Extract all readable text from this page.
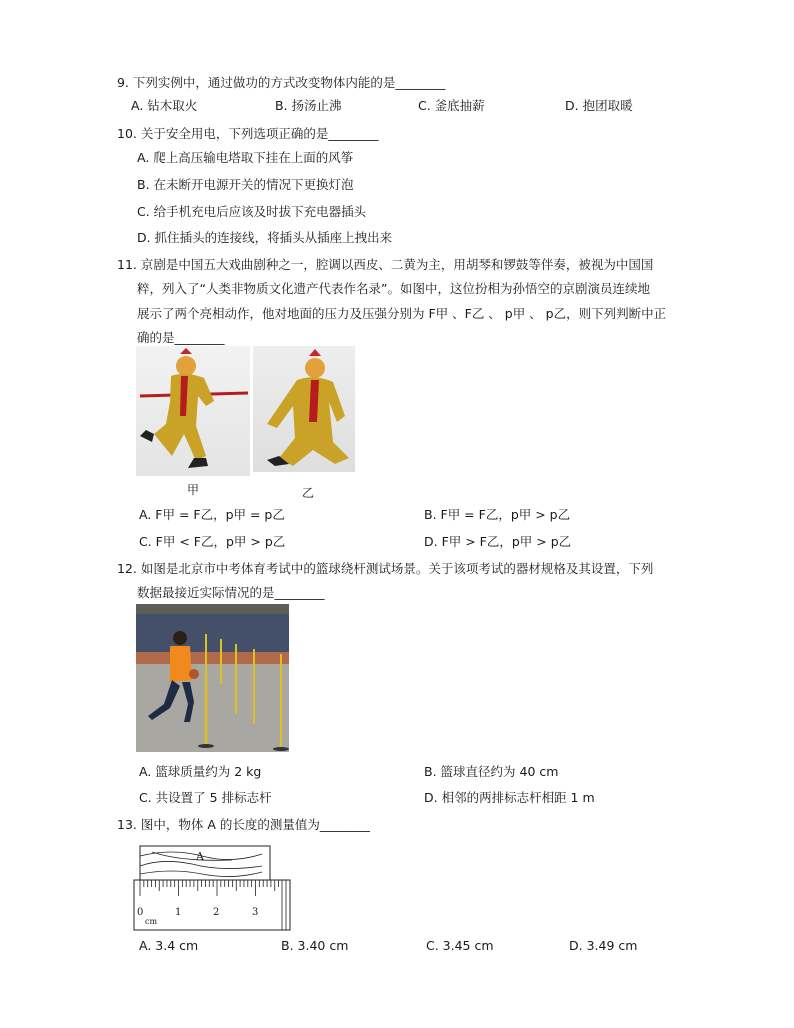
9. 下列实例中，通过做功的方式改变物体内能的是________
A. 钻木取火	B. 扬汤止沸	C. 釜底抽薪	D. 抱团取暖
10. 关于安全用电，下列选项正确的是________
A. 爬上高压输电塔取下挂在上面的风筝
B. 在未断开电源开关的情况下更换灯泡
C. 给手机充电后应该及时拔下充电器插头
D. 抓住插头的连接线，将插头从插座上拽出来
11. 京剧是中国五大戏曲剧种之一，腔调以西皮、二黄为主，用胡琴和锣鼓等伴奏，被视为中国国
粹，列入了“人类非物质文化遗产代表作名录”。如图中，这位扮相为孙悟空的京剧演员连续地
展示了两个亮相动作，他对地面的压力及压强分别为 F甲 、F乙 、 p甲 、 p乙，则下列判断中正
确的是________
甲	乙
A. F甲 = F乙，p甲 = p乙	B. F甲 = F乙，p甲 > p乙
C. F甲 < F乙，p甲 > p乙	D. F甲 > F乙，p甲 > p乙
12. 如图是北京市中考体育考试中的篮球绕杆测试场景。关于该项考试的器材规格及其设置，下列
数据最接近实际情况的是________
A. 篮球质量约为 2 kg	B. 篮球直径约为 40 cm
C. 共设置了 5 排标志杆	D. 相邻的两排标志杆相距 1 m
13. 图中，物体 A 的长度的测量值为________
A
0	1	2	3
cm
A. 3.4 cm	B. 3.40 cm	C. 3.45 cm	D. 3.49 cm
